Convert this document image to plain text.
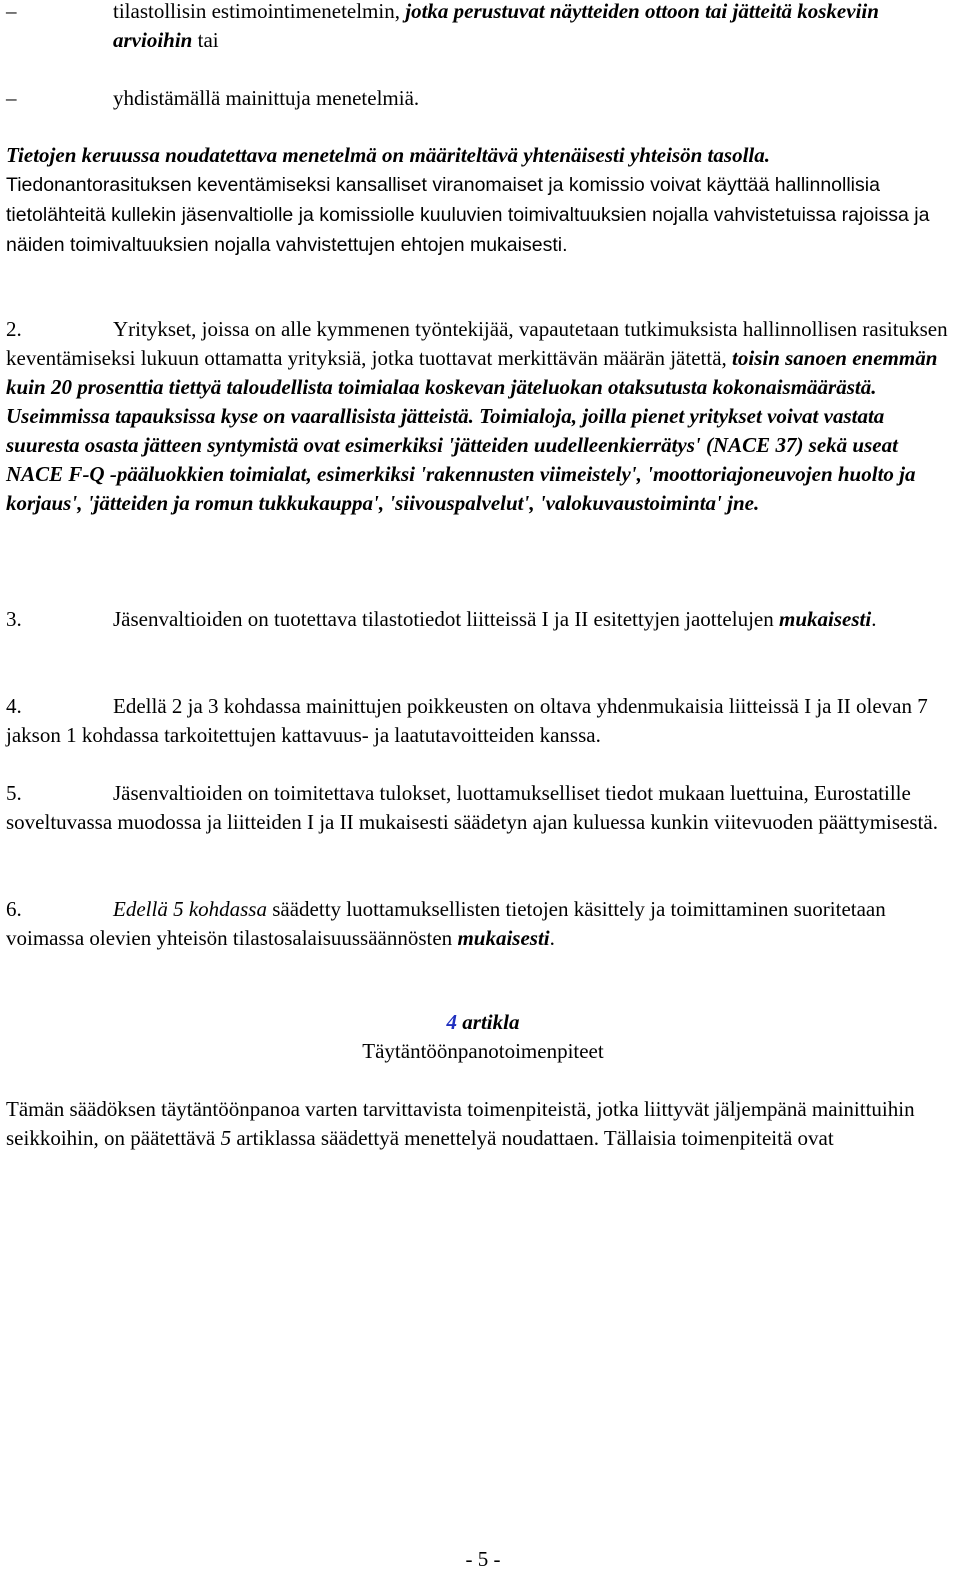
–	tilastollisin estimointimenetelmin, jotka perustuvat näytteiden ottoon tai jätteitä koskeviin arvioihin tai
–	yhdistämällä mainittuja menetelmiä.

Tietojen keruussa noudatettava menetelmä on määriteltävä yhtenäisesti yhteisön tasolla. Tiedonantorasituksen keventämiseksi kansalliset viranomaiset ja komissio voivat käyttää hallinnollisia tietolähteitä kullekin jäsenvaltiolle ja komissiolle kuuluvien toimivaltuuksien nojalla vahvistetuissa rajoissa ja näiden toimivaltuuksien nojalla vahvistettujen ehtojen mukaisesti.

2.	Yritykset, joissa on alle kymmenen työntekijää, vapautetaan tutkimuksista hallinnollisen rasituksen keventämiseksi lukuun ottamatta yrityksiä, jotka tuottavat merkittävän määrän jätettä, toisin sanoen enemmän kuin 20 prosenttia tiettyä taloudellista toimialaa koskevan jäteluokan otaksutusta kokonaismäärästä. Useimmissa tapauksissa kyse on vaarallisista jätteistä. Toimialoja, joilla pienet yritykset voivat vastata suuresta osasta jätteen syntymistä ovat esimerkiksi 'jätteiden uudelleenkierrätys' (NACE 37) sekä useat NACE F-Q -pääluokkien toimialat, esimerkiksi 'rakennusten viimeistely', 'moottoriajoneuvojen huolto ja korjaus', 'jätteiden ja romun tukkukauppa', 'siivouspalvelut', 'valokuvaustoiminta' jne.

3.	Jäsenvaltioiden on tuotettava tilastotiedot liitteissä I ja II esitettyjen jaottelujen mukaisesti.

4.	Edellä 2 ja 3 kohdassa mainittujen poikkeusten on oltava yhdenmukaisia liitteissä I ja II olevan 7 jakson 1 kohdassa tarkoitettujen kattavuus- ja laatutavoitteiden kanssa.

5.	Jäsenvaltioiden on toimitettava tulokset, luottamukselliset tiedot mukaan luettuina, Eurostatille soveltuvassa muodossa ja liitteiden I ja II mukaisesti säädetyn ajan kuluessa kunkin viitevuoden päättymisestä.

6.	Edellä 5 kohdassa säädetty luottamuksellisten tietojen käsittely ja toimittaminen suoritetaan voimassa olevien yhteisön tilastosalaisuussäännösten mukaisesti.

4 artikla
Täytäntöönpanotoimenpiteet

Tämän säädöksen täytäntöönpanoa varten tarvittavista toimenpiteistä, jotka liittyvät jäljempänä mainittuihin seikkoihin, on päätettävä 5 artiklassa säädettyä menettelyä noudattaen. Tällaisia toimenpiteitä ovat

- 5 -
